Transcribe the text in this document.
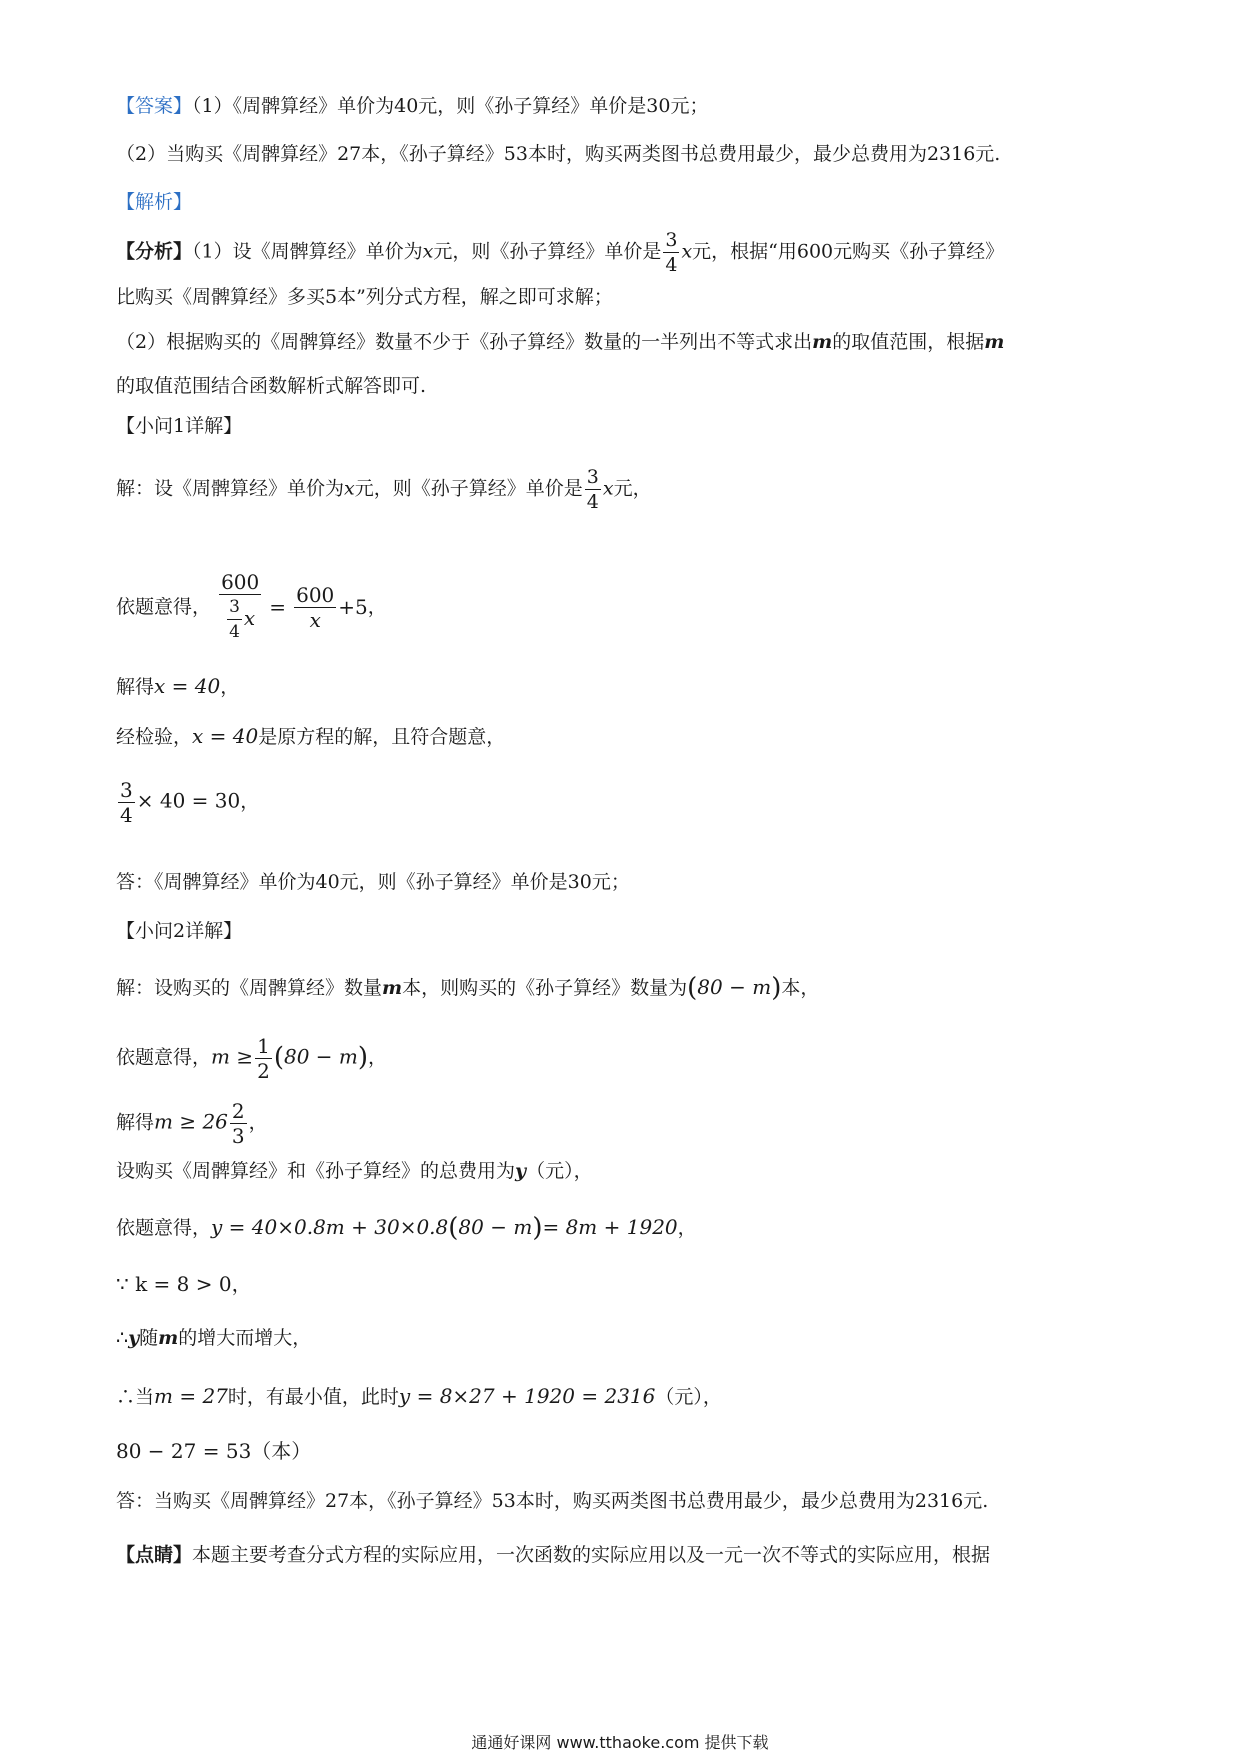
【答案】（1）《周髀算经》单价为40元，则《孙子算经》单价是30元；
（2）当购买《周髀算经》27本，《孙子算经》53本时，购买两类图书总费用最少，最少总费用为2316元.
【解析】
【分析】（1）设《周髀算经》单价为x元，则《孙子算经》单价是 $\frac{3}{4}$ x元，根据“用600元购买《孙子算经》
比购买《周髀算经》多买5本”列分式方程，解之即可求解；
（2）根据购买的《周髀算经》数量不少于《孙子算经》数量的一半列出不等式求出m的取值范围，根据m
的取值范围结合函数解析式解答即可.
【小问1详解】
解：设《周髀算经》单价为x元，则《孙子算经》单价是 $\frac{3}{4}$ x元，
依题意得， $\frac{600}{\frac{3}{4} x} = \frac{600}{x} +5$，
解得x = 40，
经检验，x = 40是原方程的解，且符合题意，
$\frac{3}{4} \times 40 = 30$，
答：《周髀算经》单价为40元，则《孙子算经》单价是30元；
【小问2详解】
解：设购买的《周髀算经》数量m本，则购买的《孙子算经》数量为(80 − m)本，
依题意得，$m \ge \frac{1}{2} (80 - m)$，
解得$m \ge 26 \frac{2}{3}$ ，
设购买《周髀算经》和《孙子算经》的总费用为y（元），
依题意得，y = 40×0.8m + 30×0.8(80 − m)= 8m + 1920，
∵ k = 8 > 0，
∴y随m的增大而增大，
∴当m = 27时，有最小值，此时y = 8×27 + 1920 = 2316（元），
80 − 27 = 53（本）
答：当购买《周髀算经》27本，《孙子算经》53本时，购买两类图书总费用最少，最少总费用为2316元.
【点睛】本题主要考查分式方程的实际应用，一次函数的实际应用以及一元一次不等式的实际应用，根据
通通好课网 www.tthaoke.com 提供下载
